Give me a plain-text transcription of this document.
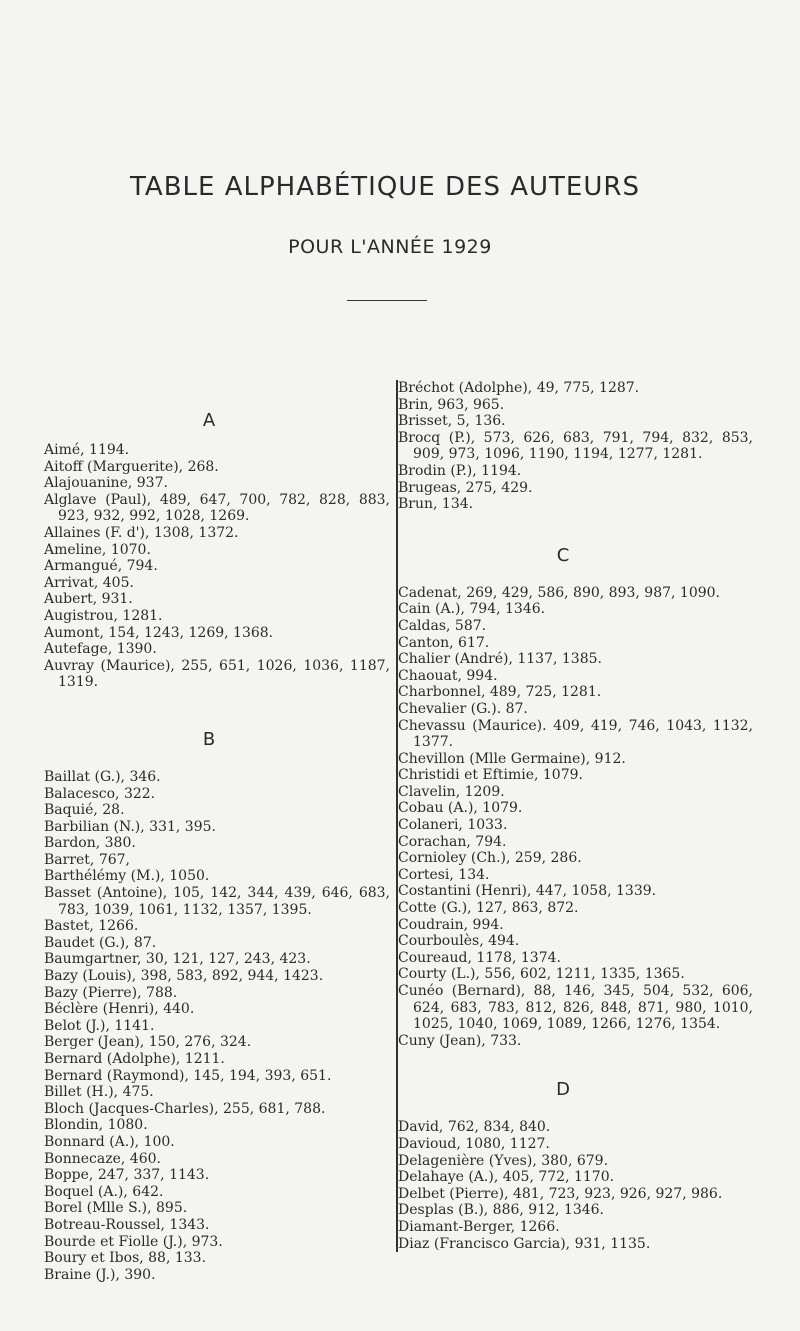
TABLE ALPHABÉTIQUE DES AUTEURS
POUR L'ANNÉE 1929
A
Aimé, 1194.
Aitoff (Marguerite), 268.
Alajouanine, 937.
Alglave (Paul), 489, 647, 700, 782, 828, 883, 923, 932, 992, 1028, 1269.
Allaines (F. d'), 1308, 1372.
Ameline, 1070.
Armangué, 794.
Arrivat, 405.
Aubert, 931.
Augistrou, 1281.
Aumont, 154, 1243, 1269, 1368.
Autefage, 1390.
Auvray (Maurice), 255, 651, 1026, 1036, 1187, 1319.
B
Baillat (G.), 346.
Balacesco, 322.
Baquié, 28.
Barbilian (N.), 331, 395.
Bardon, 380.
Barret, 767,
Barthélémy (M.), 1050.
Basset (Antoine), 105, 142, 344, 439, 646, 683, 783, 1039, 1061, 1132, 1357, 1395.
Bastet, 1266.
Baudet (G.), 87.
Baumgartner, 30, 121, 127, 243, 423.
Bazy (Louis), 398, 583, 892, 944, 1423.
Bazy (Pierre), 788.
Béclère (Henri), 440.
Belot (J.), 1141.
Berger (Jean), 150, 276, 324.
Bernard (Adolphe), 1211.
Bernard (Raymond), 145, 194, 393, 651.
Billet (H.), 475.
Bloch (Jacques-Charles), 255, 681, 788.
Blondin, 1080.
Bonnard (A.), 100.
Bonnecaze, 460.
Boppe, 247, 337, 1143.
Boquel (A.), 642.
Borel (Mlle S.), 895.
Botreau-Roussel, 1343.
Bourde et Fiolle (J.), 973.
Boury et Ibos, 88, 133.
Braine (J.), 390.
Bréchot (Adolphe), 49, 775, 1287.
Brin, 963, 965.
Brisset, 5, 136.
Brocq (P.), 573, 626, 683, 791, 794, 832, 853, 909, 973, 1096, 1190, 1194, 1277, 1281.
Brodin (P.), 1194.
Brugeas, 275, 429.
Brun, 134.
C
Cadenat, 269, 429, 586, 890, 893, 987, 1090.
Cain (A.), 794, 1346.
Caldas, 587.
Canton, 617.
Chalier (André), 1137, 1385.
Chaouat, 994.
Charbonnel, 489, 725, 1281.
Chevalier (G.). 87.
Chevassu (Maurice). 409, 419, 746, 1043, 1132, 1377.
Chevillon (Mlle Germaine), 912.
Christidi et Eftimie, 1079.
Clavelin, 1209.
Cobau (A.), 1079.
Colaneri, 1033.
Corachan, 794.
Cornioley (Ch.), 259, 286.
Cortesi, 134.
Costantini (Henri), 447, 1058, 1339.
Cotte (G.), 127, 863, 872.
Coudrain, 994.
Courboulès, 494.
Coureaud, 1178, 1374.
Courty (L.), 556, 602, 1211, 1335, 1365.
Cunéo (Bernard), 88, 146, 345, 504, 532, 606, 624, 683, 783, 812, 826, 848, 871, 980, 1010, 1025, 1040, 1069, 1089, 1266, 1276, 1354.
Cuny (Jean), 733.
D
David, 762, 834, 840.
Davioud, 1080, 1127.
Delagenière (Yves), 380, 679.
Delahaye (A.), 405, 772, 1170.
Delbet (Pierre), 481, 723, 923, 926, 927, 986.
Desplas (B.), 886, 912, 1346.
Diamant-Berger, 1266.
Diaz (Francisco Garcia), 931, 1135.
